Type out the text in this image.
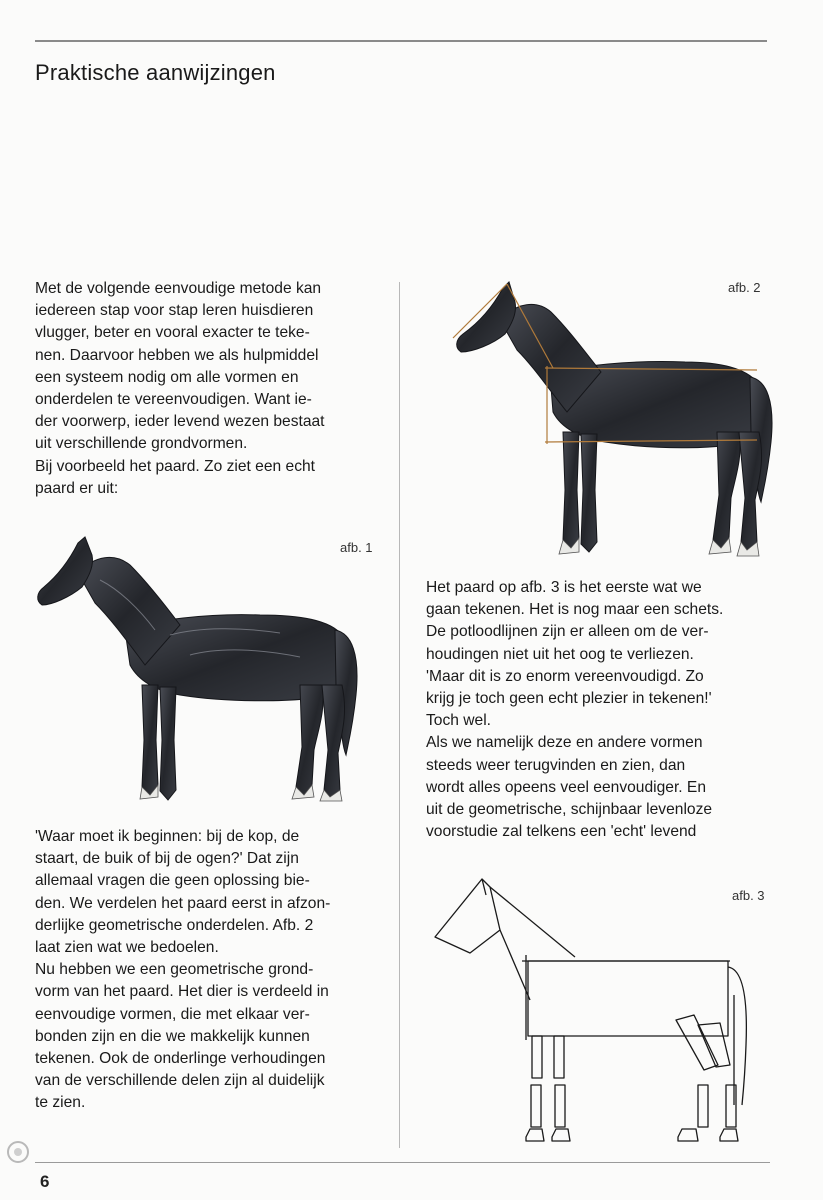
Praktische aanwijzingen
Met de volgende eenvoudige metode kan
iedereen stap voor stap leren huisdieren
vlugger, beter en vooral exacter te teke-
nen. Daarvoor hebben we als hulpmiddel
een systeem nodig om alle vormen en
onderdelen te vereenvoudigen. Want ie-
der voorwerp, ieder levend wezen bestaat
uit verschillende grondvormen.
Bij voorbeeld het paard. Zo ziet een echt
paard er uit:
afb. 1
'Waar moet ik beginnen: bij de kop, de
staart, de buik of bij de ogen?' Dat zijn
allemaal vragen die geen oplossing bie-
den. We verdelen het paard eerst in afzon-
derlijke geometrische onderdelen. Afb. 2
laat zien wat we bedoelen.
Nu hebben we een geometrische grond-
vorm van het paard. Het dier is verdeeld in
eenvoudige vormen, die met elkaar ver-
bonden zijn en die we makkelijk kunnen
tekenen. Ook de onderlinge verhoudingen
van de verschillende delen zijn al duidelijk
te zien.
afb. 2
Het paard op afb. 3 is het eerste wat we
gaan tekenen. Het is nog maar een schets.
De potloodlijnen zijn er alleen om de ver-
houdingen niet uit het oog te verliezen.
'Maar dit is zo enorm vereenvoudigd. Zo
krijg je toch geen echt plezier in tekenen!'
Toch wel.
Als we namelijk deze en andere vormen
steeds weer terugvinden en zien, dan
wordt alles opeens veel eenvoudiger. En
uit de geometrische, schijnbaar levenloze
voorstudie zal telkens een 'echt' levend
afb. 3
6
